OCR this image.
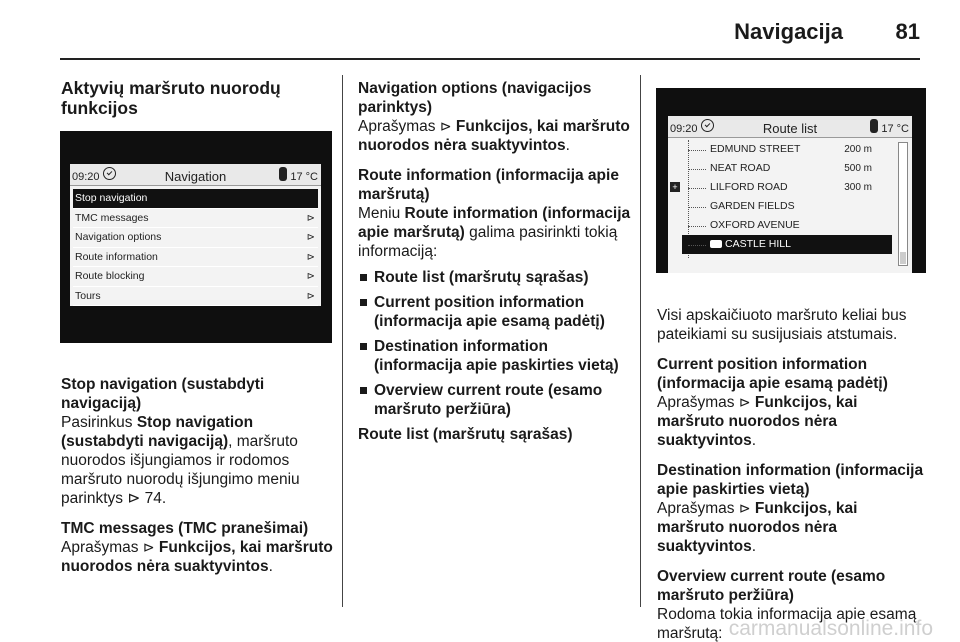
Navigacija 81
Aktyvių maršruto nuorodų funkcijos
09:20	Navigation	17 °C
Stop navigation
TMC messages	⊳
Navigation options	⊳
Route information	⊳
Route blocking	⊳
Tours	⊳
Stop navigation (sustabdyti navigaciją)
Pasirinkus Stop navigation (sustabdyti navigaciją), maršruto nuorodos išjungiamos ir rodomos maršruto nuorodų išjungimo meniu parinktys ⊳ 74.
TMC messages (TMC pranešimai)
Aprašymas ⊳ Funkcijos, kai maršruto nuorodos nėra suaktyvintos.
Navigation options (navigacijos parinktys)
Aprašymas ⊳ Funkcijos, kai maršruto nuorodos nėra suaktyvintos.
Route information (informacija apie maršrutą)
Meniu Route information (informacija apie maršrutą) galima pasirinkti tokią informaciją:
Route list (maršrutų sąrašas)
Current position information (informacija apie esamą padėtį)
Destination information (informacija apie paskirties vietą)
Overview current route (esamo maršruto peržiūra)
Route list (maršrutų sąrašas)
09:20	Route list	17 °C
+
EDMUND STREET	200 m
NEAT ROAD	500 m
LILFORD ROAD	300 m
GARDEN FIELDS
OXFORD AVENUE
CASTLE HILL
Visi apskaičiuoto maršruto keliai bus pateikiami su susijusiais atstumais.
Current position information (informacija apie esamą padėtį)
Aprašymas ⊳ Funkcijos, kai maršruto nuorodos nėra suaktyvintos.
Destination information (informacija apie paskirties vietą)
Aprašymas ⊳ Funkcijos, kai maršruto nuorodos nėra suaktyvintos.
Overview current route (esamo maršruto peržiūra)
Rodoma tokia informacija apie esamą maršrutą: carmanualsonline.info
